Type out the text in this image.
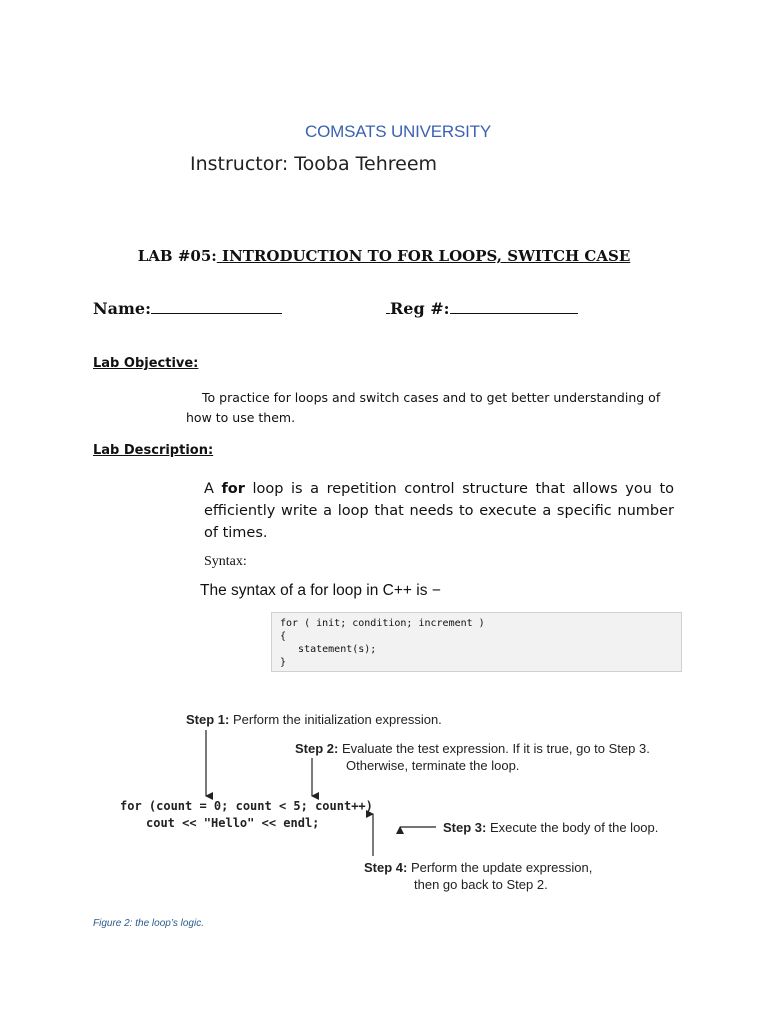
COMSATS UNIVERSITY
Instructor: Tooba Tehreem
LAB #05: INTRODUCTION TO FOR LOOPS, SWITCH CASE
Name:	Reg #:
Lab Objective:
To practice for loops and switch cases and to get better understanding of how to use them.
Lab Description:
A for loop is a repetition control structure that allows you to efficiently write a loop that needs to execute a specific number of times.
Syntax:
The syntax of a for loop in C++ is −
for ( init; condition; increment )
{
statement(s);
}
Step 1: Perform the initialization expression.
Step 2: Evaluate the test expression. If it is true, go to Step 3.
Otherwise, terminate the loop.
Step 3: Execute the body of the loop.
Step 4: Perform the update expression,
then go back to Step 2.
for (count = 0; count < 5; count++)
cout << "Hello" << endl;
Figure 2: the loop’s logic.
